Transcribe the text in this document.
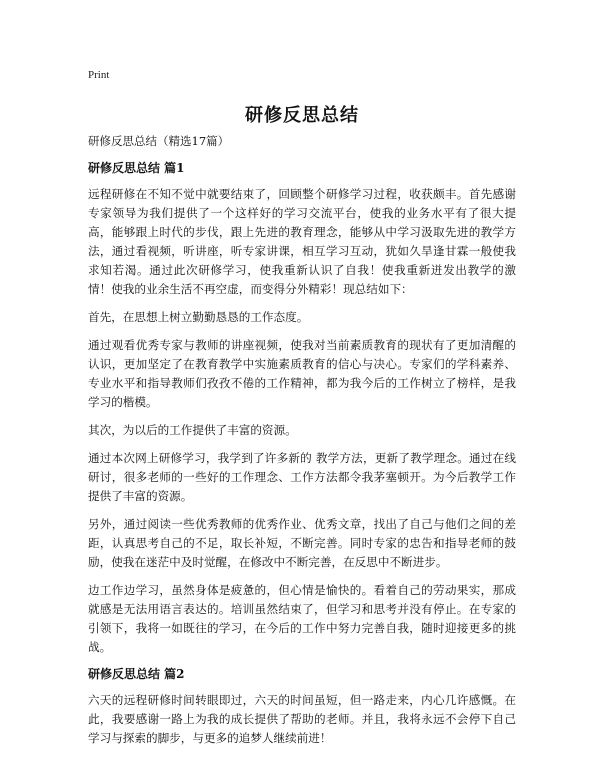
Print
研修反思总结
研修反思总结（精选17篇）
研修反思总结 篇1

远程研修在不知不觉中就要结束了，回顾整个研修学习过程，收获颇丰。首先感谢专家领导为我们提供了一个这样好的学习交流平台，使我的业务水平有了很大提高，能够跟上时代的步伐，跟上先进的教育理念，能够从中学习汲取先进的教学方法，通过看视频，听讲座，听专家讲课，相互学习互动，犹如久旱逢甘霖一般使我求知若渴。通过此次研修学习，使我重新认识了自我！使我重新迸发出教学的激情！使我的业余生活不再空虚，而变得分外精彩！现总结如下：

首先，在思想上树立勤勤恳恳的工作态度。

通过观看优秀专家与教师的讲座视频，使我对当前素质教育的现状有了更加清醒的认识，更加坚定了在教育教学中实施素质教育的信心与决心。专家们的学科素养、专业水平和指导教师们孜孜不倦的工作精神，都为我今后的工作树立了榜样，是我学习的楷模。

其次，为以后的工作提供了丰富的资源。

通过本次网上研修学习，我学到了许多新的 教学方法，更新了教学理念。通过在线研讨，很多老师的一些好的工作理念、工作方法都令我茅塞顿开。为今后教学工作提供了丰富的资源。

另外，通过阅读一些优秀教师的优秀作业、优秀文章，找出了自己与他们之间的差距，认真思考自己的不足，取长补短，不断完善。同时专家的忠告和指导老师的鼓励，使我在迷茫中及时觉醒，在修改中不断完善，在反思中不断进步。

边工作边学习，虽然身体是疲惫的，但心情是愉快的。看着自己的劳动果实，那成就感是无法用语言表达的。培训虽然结束了，但学习和思考并没有停止。在专家的引领下，我将一如既往的学习，在今后的工作中努力完善自我，随时迎接更多的挑战。

研修反思总结 篇2

六天的远程研修时间转眼即过，六天的时间虽短，但一路走来，内心几许感慨。在此，我要感谢一路上为我的成长提供了帮助的老师。并且，我将永远不会停下自己学习与探索的脚步，与更多的追梦人继续前进！
